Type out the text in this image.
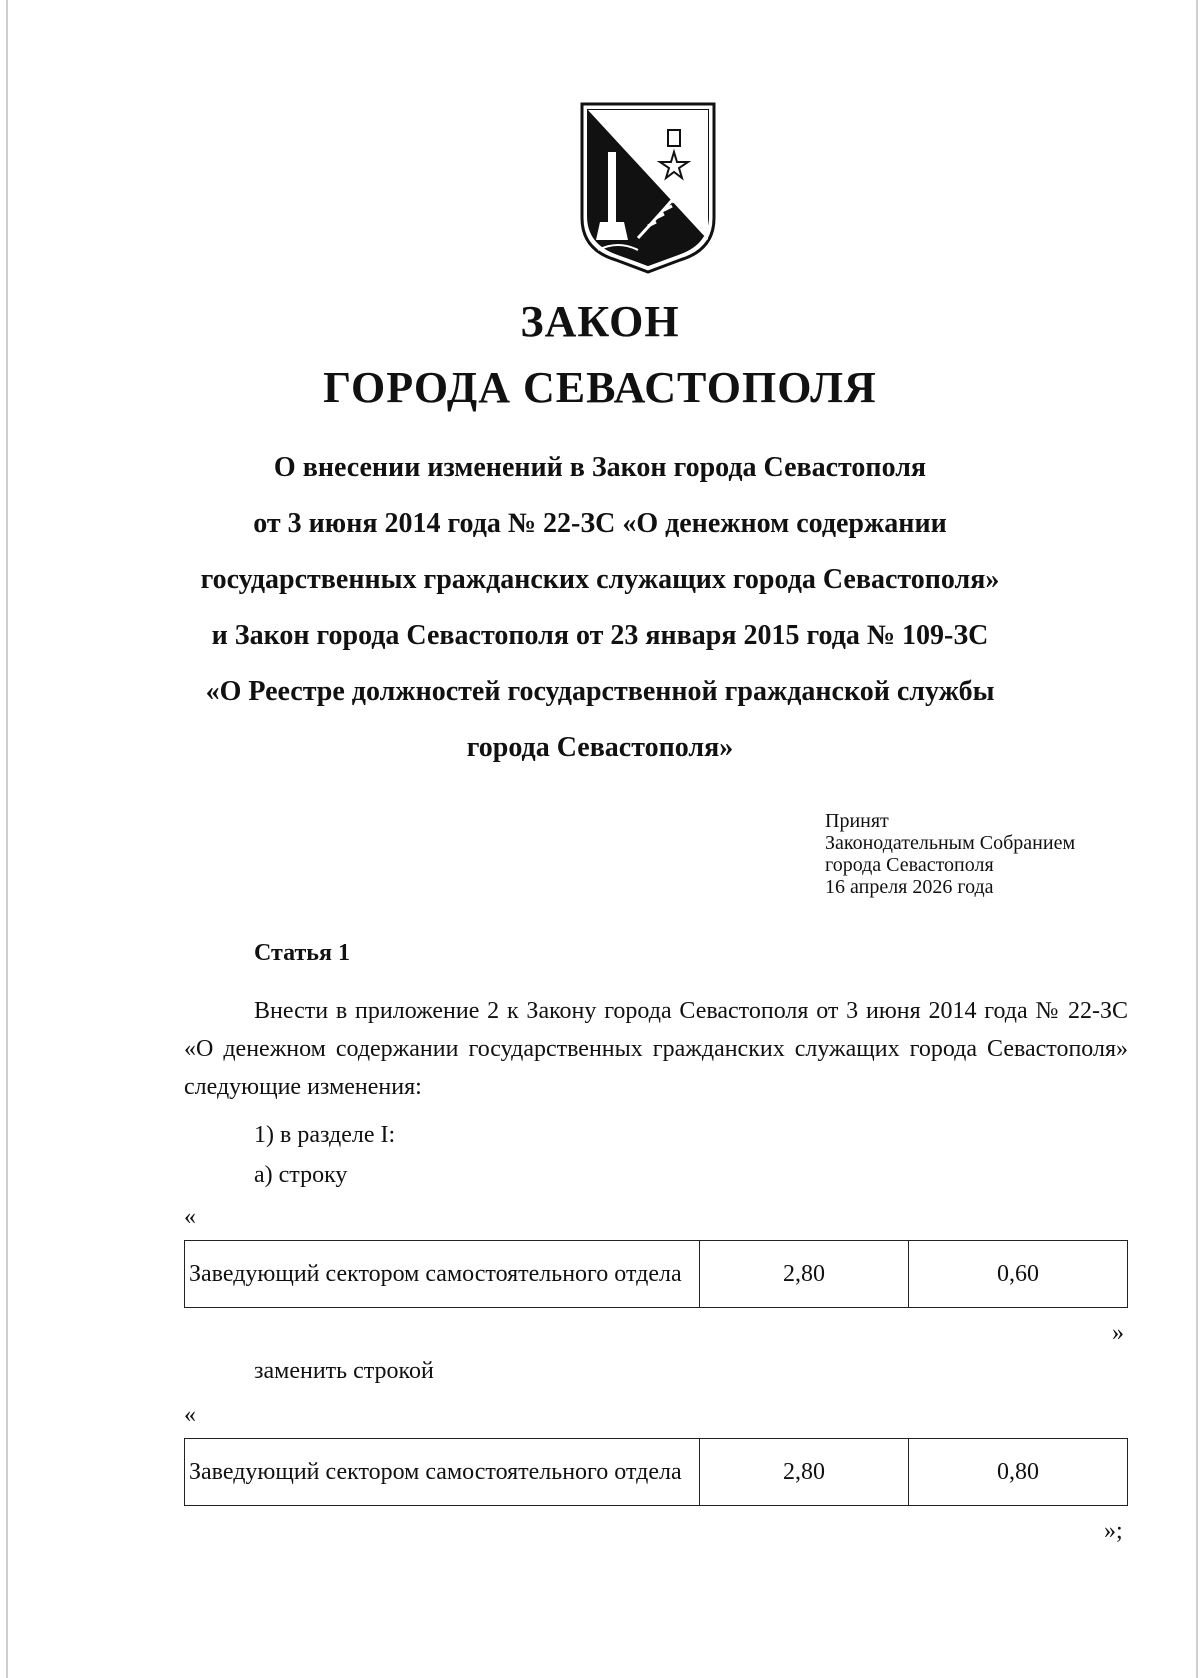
ЗАКОН
ГОРОДА СЕВАСТОПОЛЯ
О внесении изменений в Закон города Севастополя
от 3 июня 2014 года № 22-ЗС «О денежном содержании
государственных гражданских служащих города Севастополя»
и Закон города Севастополя от 23 января 2015 года № 109-ЗС
«О Реестре должностей государственной гражданской службы
города Севастополя»
Принят
Законодательным Собранием
города Севастополя
16 апреля 2026 года
Статья 1
Внести в приложение 2 к Закону города Севастополя от 3 июня 2014 года № 22-ЗС «О денежном содержании государственных гражданских служащих города Севастополя» следующие изменения:
1) в разделе I:
а) строку
«
Заведующий сектором самостоятельного отдела	2,80	0,60
»
заменить строкой
«
Заведующий сектором самостоятельного отдела	2,80	0,80
»;
